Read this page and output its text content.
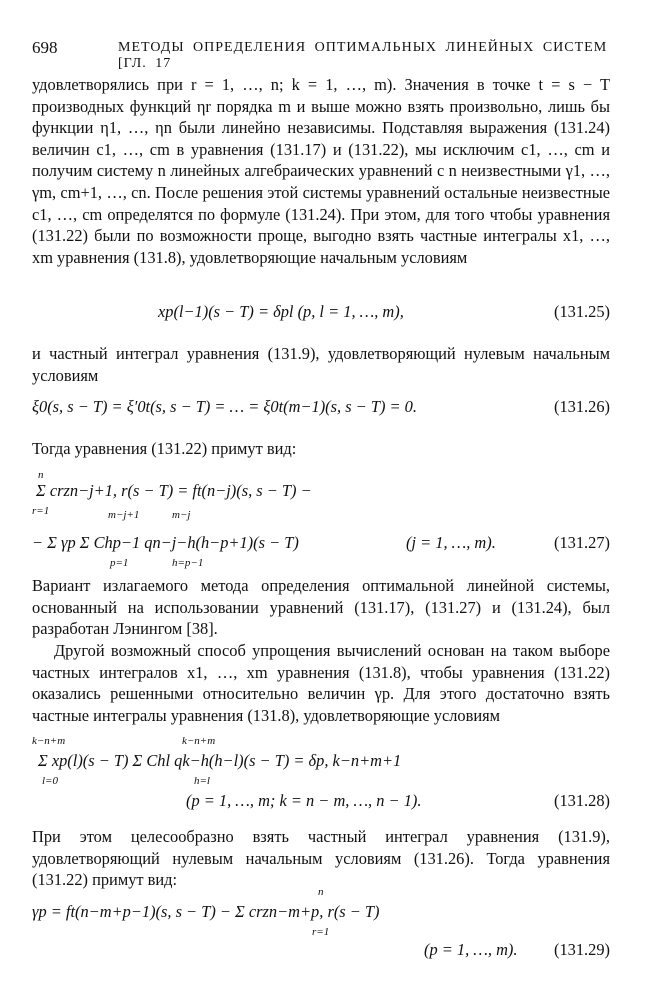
698	МЕТОДЫ ОПРЕДЕЛЕНИЯ ОПТИМАЛЬНЫХ ЛИНЕЙНЫХ СИСТЕМ [ГЛ. 17

удовлетворялись при r = 1, …, n; k = 1, …, m). Значения в точке t = s − T производных функций ηr порядка m и выше можно взять произвольно, лишь бы функции η1, …, ηn были линейно независимы. Подставляя выражения (131.24) величин c1, …, cm в уравнения (131.17) и (131.22), мы исключим c1, …, cm и получим систему n линейных алгебраических уравнений с n неизвестными γ1, …, γm, cm+1, …, cn. После решения этой системы уравнений остальные неизвестные c1, …, cm определятся по формуле (131.24). При этом, для того чтобы уравнения (131.22) были по возможности проще, выгодно взять частные интегралы x1, …, xm уравнения (131.8), удовлетворяющие начальным условиям

xp(l−1)(s − T) = δpl (p, l = 1, …, m),	(131.25)

и частный интеграл уравнения (131.9), удовлетворяющий нулевым начальным условиям

ξ0(s, s − T) = ξ′0t(s, s − T) = … = ξ0t(m−1)(s, s − T) = 0.	(131.26)

Тогда уравнения (131.22) примут вид:

n
r=1
Σ crzn−j+1, r(s − T) = ft(n−j)(s, s − T) −
m−j+1	m−j
− Σ γp Σ Chp−1 qn−j−h(h−p+1)(s − T)
p=1	h=p−1
(j = 1, …, m).	(131.27)

Вариант излагаемого метода определения оптимальной линейной системы, основанный на использовании уравнений (131.17), (131.27) и (131.24), был разработан Лэнингом [38].

Другой возможный способ упрощения вычислений основан на таком выборе частных интегралов x1, …, xm уравнения (131.8), чтобы уравнения (131.22) оказались решенными относительно величин γp. Для этого достаточно взять частные интегралы уравнения (131.8), удовлетворяющие условиям

k−n+m	k−n+m
Σ xp(l)(s − T) Σ Chl qk−h(h−l)(s − T) = δp, k−n+m+1
l=0	h=l
(p = 1, …, m; k = n − m, …, n − 1).	(131.28)

При этом целесообразно взять частный интеграл уравнения (131.9), удовлетворяющий нулевым начальным условиям (131.26). Тогда уравнения (131.22) примут вид:

n
γp = ft(n−m+p−1)(s, s − T) − Σ crzn−m+p, r(s − T)
r=1
(p = 1, …, m). (131.29)
